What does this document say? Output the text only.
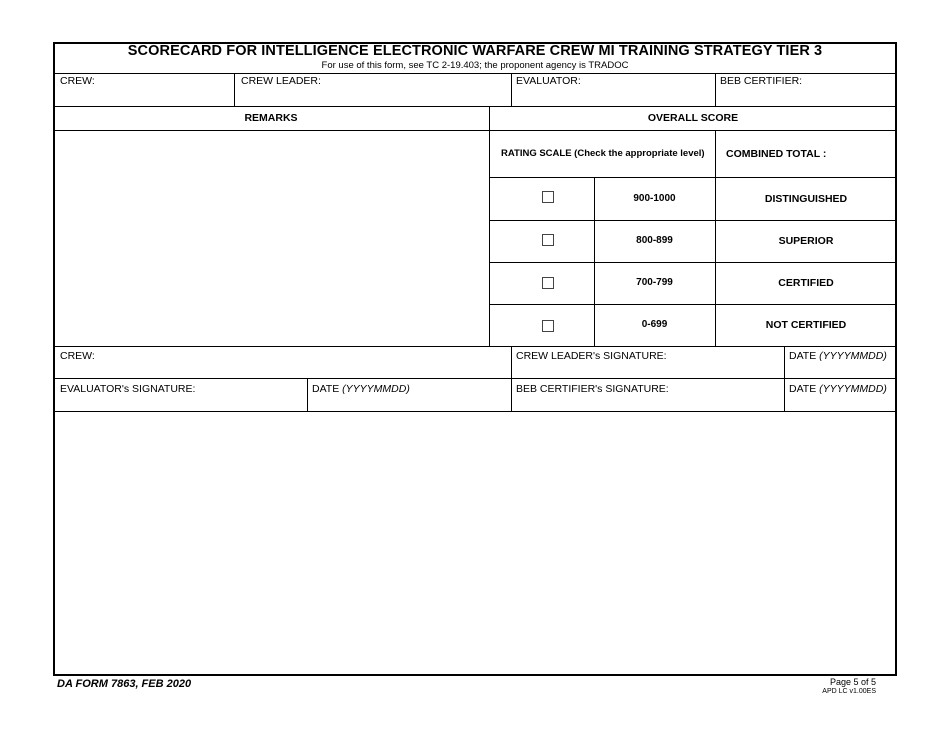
SCORECARD FOR INTELLIGENCE ELECTRONIC WARFARE CREW MI TRAINING STRATEGY TIER 3
For use of this form, see TC 2-19.403; the proponent agency is TRADOC
CREW:	CREW LEADER:	EVALUATOR:	BEB CERTIFIER:
REMARKS	OVERALL SCORE
RATING SCALE (Check the appropriate level) COMBINED TOTAL :
900-1000	DISTINGUISHED
800-899	SUPERIOR
700-799	CERTIFIED
0-699	NOT CERTIFIED
CREW:	CREW LEADER's SIGNATURE:	DATE (YYYYMMDD)
EVALUATOR's SIGNATURE:	DATE (YYYYMMDD)	BEB CERTIFIER's SIGNATURE:	DATE (YYYYMMDD)
DA FORM 7863, FEB 2020	Page 5 of 5
APD LC v1.00ES
